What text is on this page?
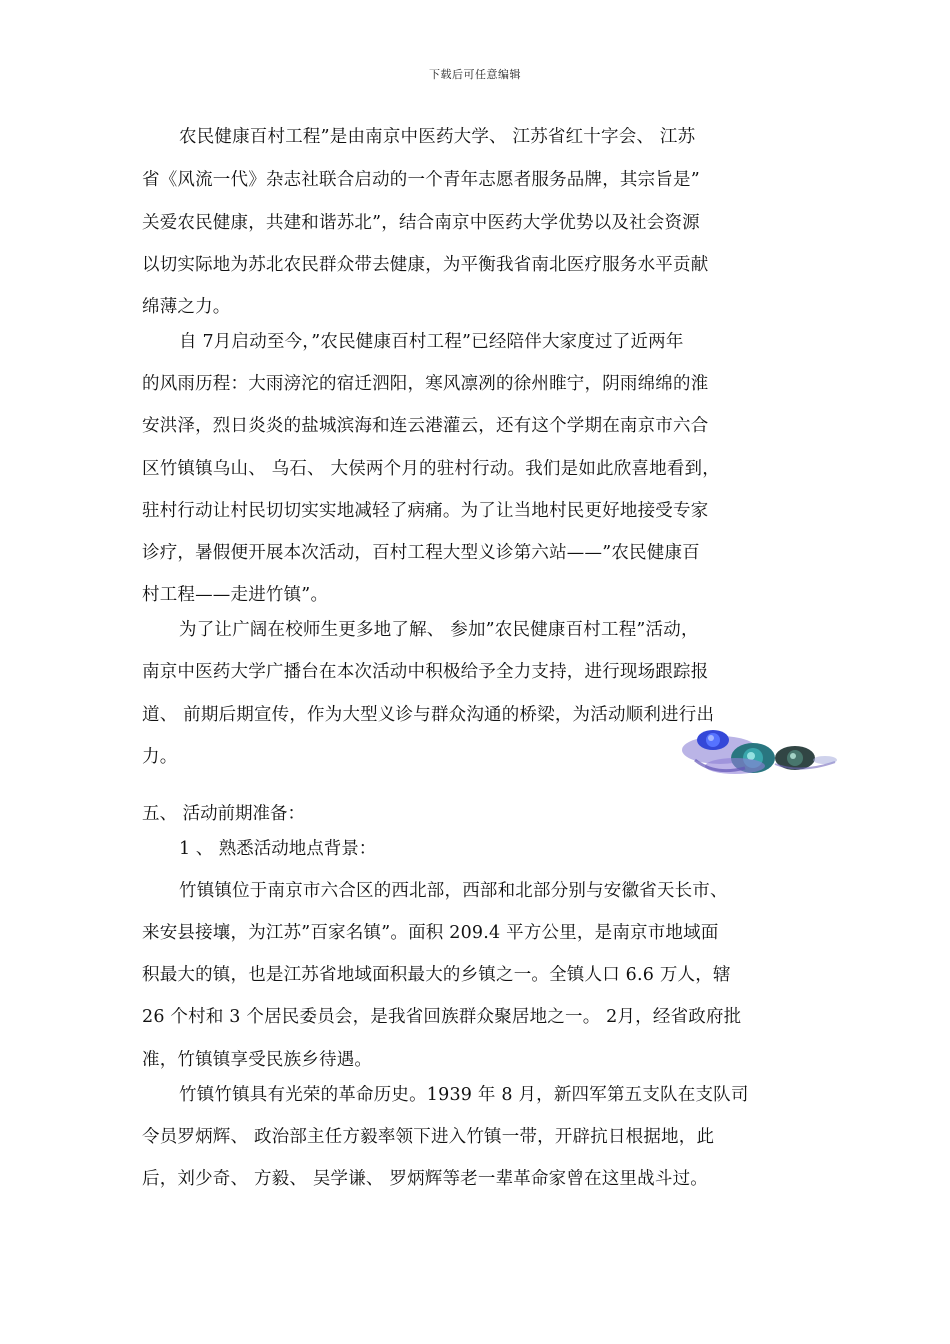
下载后可任意编辑
农民健康百村工程”是由南京中医药大学、 江苏省红十字会、 江苏
省《风流一代》杂志社联合启动的一个青年志愿者服务品牌，其宗旨是”
关爱农民健康，共建和谐苏北”，结合南京中医药大学优势以及社会资源
以切实际地为苏北农民群众带去健康，为平衡我省南北医疗服务水平贡献
绵薄之力。
自 7月启动至今，”农民健康百村工程”已经陪伴大家度过了近两年
的风雨历程：大雨滂沱的宿迁泗阳，寒风凛冽的徐州睢宁，阴雨绵绵的淮
安洪泽，烈日炎炎的盐城滨海和连云港灌云，还有这个学期在南京市六合
区竹镇镇乌山、 乌石、 大侯两个月的驻村行动。我们是如此欣喜地看到，
驻村行动让村民切切实实地减轻了病痛。为了让当地村民更好地接受专家
诊疗，暑假便开展本次活动，百村工程大型义诊第六站——”农民健康百
村工程——走进竹镇”。
为了让广阔在校师生更多地了解、 参加”农民健康百村工程”活动，
南京中医药大学广播台在本次活动中积极给予全力支持，进行现场跟踪报
道、 前期后期宣传，作为大型义诊与群众沟通的桥梁，为活动顺利进行出
力。
五、 活动前期准备：
1 、 熟悉活动地点背景：
竹镇镇位于南京市六合区的西北部，西部和北部分别与安徽省天长市、
来安县接壤，为江苏”百家名镇”。面积 209.4 平方公里，是南京市地域面
积最大的镇，也是江苏省地域面积最大的乡镇之一。全镇人口 6.6 万人，辖
26 个村和 3 个居民委员会，是我省回族群众聚居地之一。 2月，经省政府批
准，竹镇镇享受民族乡待遇。
竹镇竹镇具有光荣的革命历史。1939 年 8 月，新四军第五支队在支队司
令员罗炳辉、 政治部主任方毅率领下进入竹镇一带，开辟抗日根据地，此
后，刘少奇、 方毅、 吴学谦、 罗炳辉等老一辈革命家曾在这里战斗过。
